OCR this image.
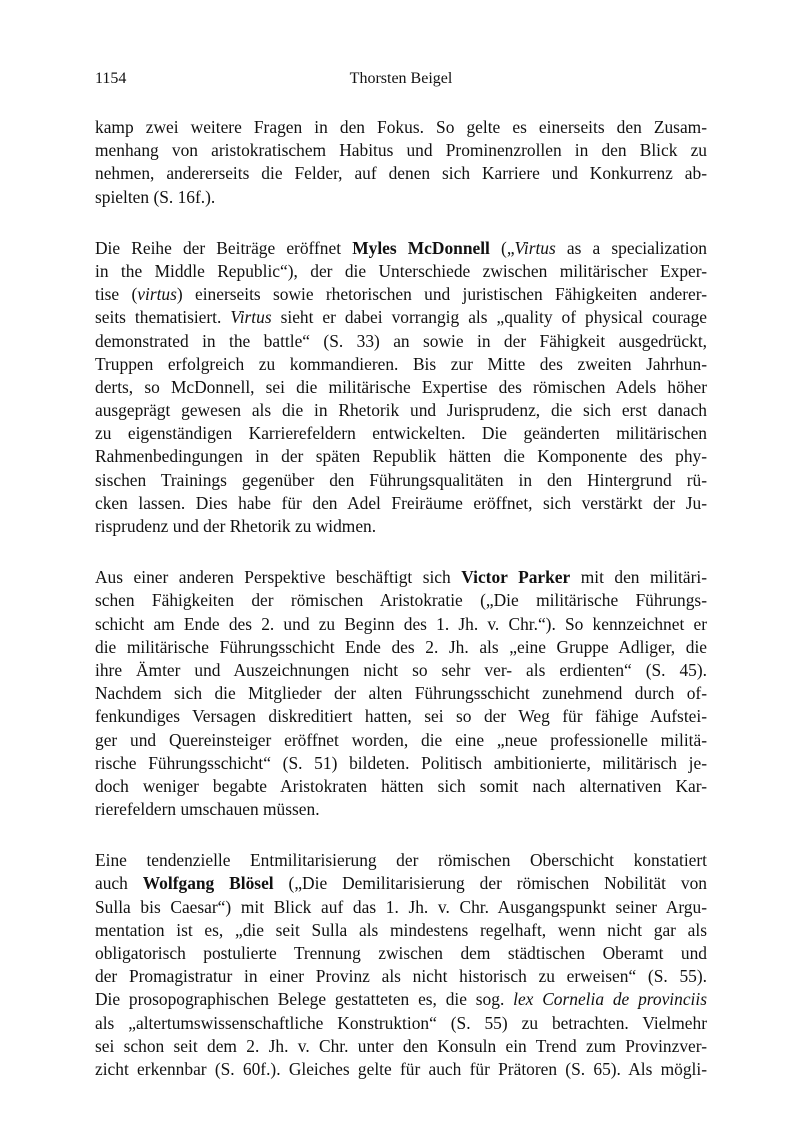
1154	Thorsten Beigel
kamp zwei weitere Fragen in den Fokus. So gelte es einerseits den Zusam-
menhang von aristokratischem Habitus und Prominenzrollen in den Blick zu
nehmen, andererseits die Felder, auf denen sich Karriere und Konkurrenz ab-
spielten (S. 16f.).
Die Reihe der Beiträge eröffnet Myles McDonnell („Virtus as a specialization
in the Middle Republic“), der die Unterschiede zwischen militärischer Exper-
tise (virtus) einerseits sowie rhetorischen und juristischen Fähigkeiten anderer-
seits thematisiert. Virtus sieht er dabei vorrangig als „quality of physical courage
demonstrated in the battle“ (S. 33) an sowie in der Fähigkeit ausgedrückt,
Truppen erfolgreich zu kommandieren. Bis zur Mitte des zweiten Jahrhun-
derts, so McDonnell, sei die militärische Expertise des römischen Adels höher
ausgeprägt gewesen als die in Rhetorik und Jurisprudenz, die sich erst danach
zu eigenständigen Karrierefeldern entwickelten. Die geänderten militärischen
Rahmenbedingungen in der späten Republik hätten die Komponente des phy-
sischen Trainings gegenüber den Führungsqualitäten in den Hintergrund rü-
cken lassen. Dies habe für den Adel Freiräume eröffnet, sich verstärkt der Ju-
risprudenz und der Rhetorik zu widmen.
Aus einer anderen Perspektive beschäftigt sich Victor Parker mit den militäri-
schen Fähigkeiten der römischen Aristokratie („Die militärische Führungs-
schicht am Ende des 2. und zu Beginn des 1. Jh. v. Chr.“). So kennzeichnet er
die militärische Führungsschicht Ende des 2. Jh. als „eine Gruppe Adliger, die
ihre Ämter und Auszeichnungen nicht so sehr ver- als erdienten“ (S. 45).
Nachdem sich die Mitglieder der alten Führungsschicht zunehmend durch of-
fenkundiges Versagen diskreditiert hatten, sei so der Weg für fähige Aufstei-
ger und Quereinsteiger eröffnet worden, die eine „neue professionelle militä-
rische Führungsschicht“ (S. 51) bildeten. Politisch ambitionierte, militärisch je-
doch weniger begabte Aristokraten hätten sich somit nach alternativen Kar-
rierefeldern umschauen müssen.
Eine tendenzielle Entmilitarisierung der römischen Oberschicht konstatiert
auch Wolfgang Blösel („Die Demilitarisierung der römischen Nobilität von
Sulla bis Caesar“) mit Blick auf das 1. Jh. v. Chr. Ausgangspunkt seiner Argu-
mentation ist es, „die seit Sulla als mindestens regelhaft, wenn nicht gar als
obligatorisch postulierte Trennung zwischen dem städtischen Oberamt und
der Promagistratur in einer Provinz als nicht historisch zu erweisen“ (S. 55).
Die prosopographischen Belege gestatteten es, die sog. lex Cornelia de provinciis
als „altertumswissenschaftliche Konstruktion“ (S. 55) zu betrachten. Vielmehr
sei schon seit dem 2. Jh. v. Chr. unter den Konsuln ein Trend zum Provinzver-
zicht erkennbar (S. 60f.). Gleiches gelte für auch für Prätoren (S. 65). Als mögli-
